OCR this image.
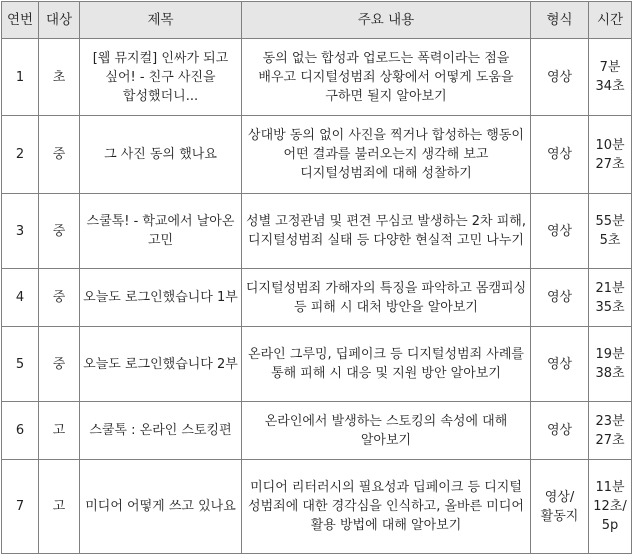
연번	대상	제목	주요 내용	형식	시간
1	초	[웹 뮤지컬] 인싸가 되고 싶어! - 친구 사진을 합성했더니...	동의 없는 합성과 업로드는 폭력이라는 점을 배우고 디지털성범죄 상황에서 어떻게 도움을 구하면 될지 알아보기	영상	7분 34초
2	중	그 사진 동의 했나요	상대방 동의 없이 사진을 찍거나 합성하는 행동이 어떤 결과를 불러오는지 생각해 보고 디지털성범죄에 대해 성찰하기	영상	10분 27초
3	중	스쿨톡! - 학교에서 날아온 고민	성별 고정관념 및 편견 무심코 발생하는 2차 피해, 디지털성범죄 실태 등 다양한 현실적 고민 나누기	영상	55분 5초
4	중	오늘도 로그인했습니다 1부	디지털성범죄 가해자의 특징을 파악하고 몸캠피싱 등 피해 시 대처 방안을 알아보기	영상	21분 35초
5	중	오늘도 로그인했습니다 2부	온라인 그루밍, 딥페이크 등 디지털성범죄 사례를 통해 피해 시 대응 및 지원 방안 알아보기	영상	19분 38초
6	고	스쿨톡 : 온라인 스토킹편	온라인에서 발생하는 스토킹의 속성에 대해 알아보기	영상	23분 27초
7	고	미디어 어떻게 쓰고 있나요	미디어 리터러시의 필요성과 딥페이크 등 디지털 성범죄에 대한 경각심을 인식하고, 올바른 미디어 활용 방법에 대해 알아보기	영상/ 활동지	11분 12초/ 5p
